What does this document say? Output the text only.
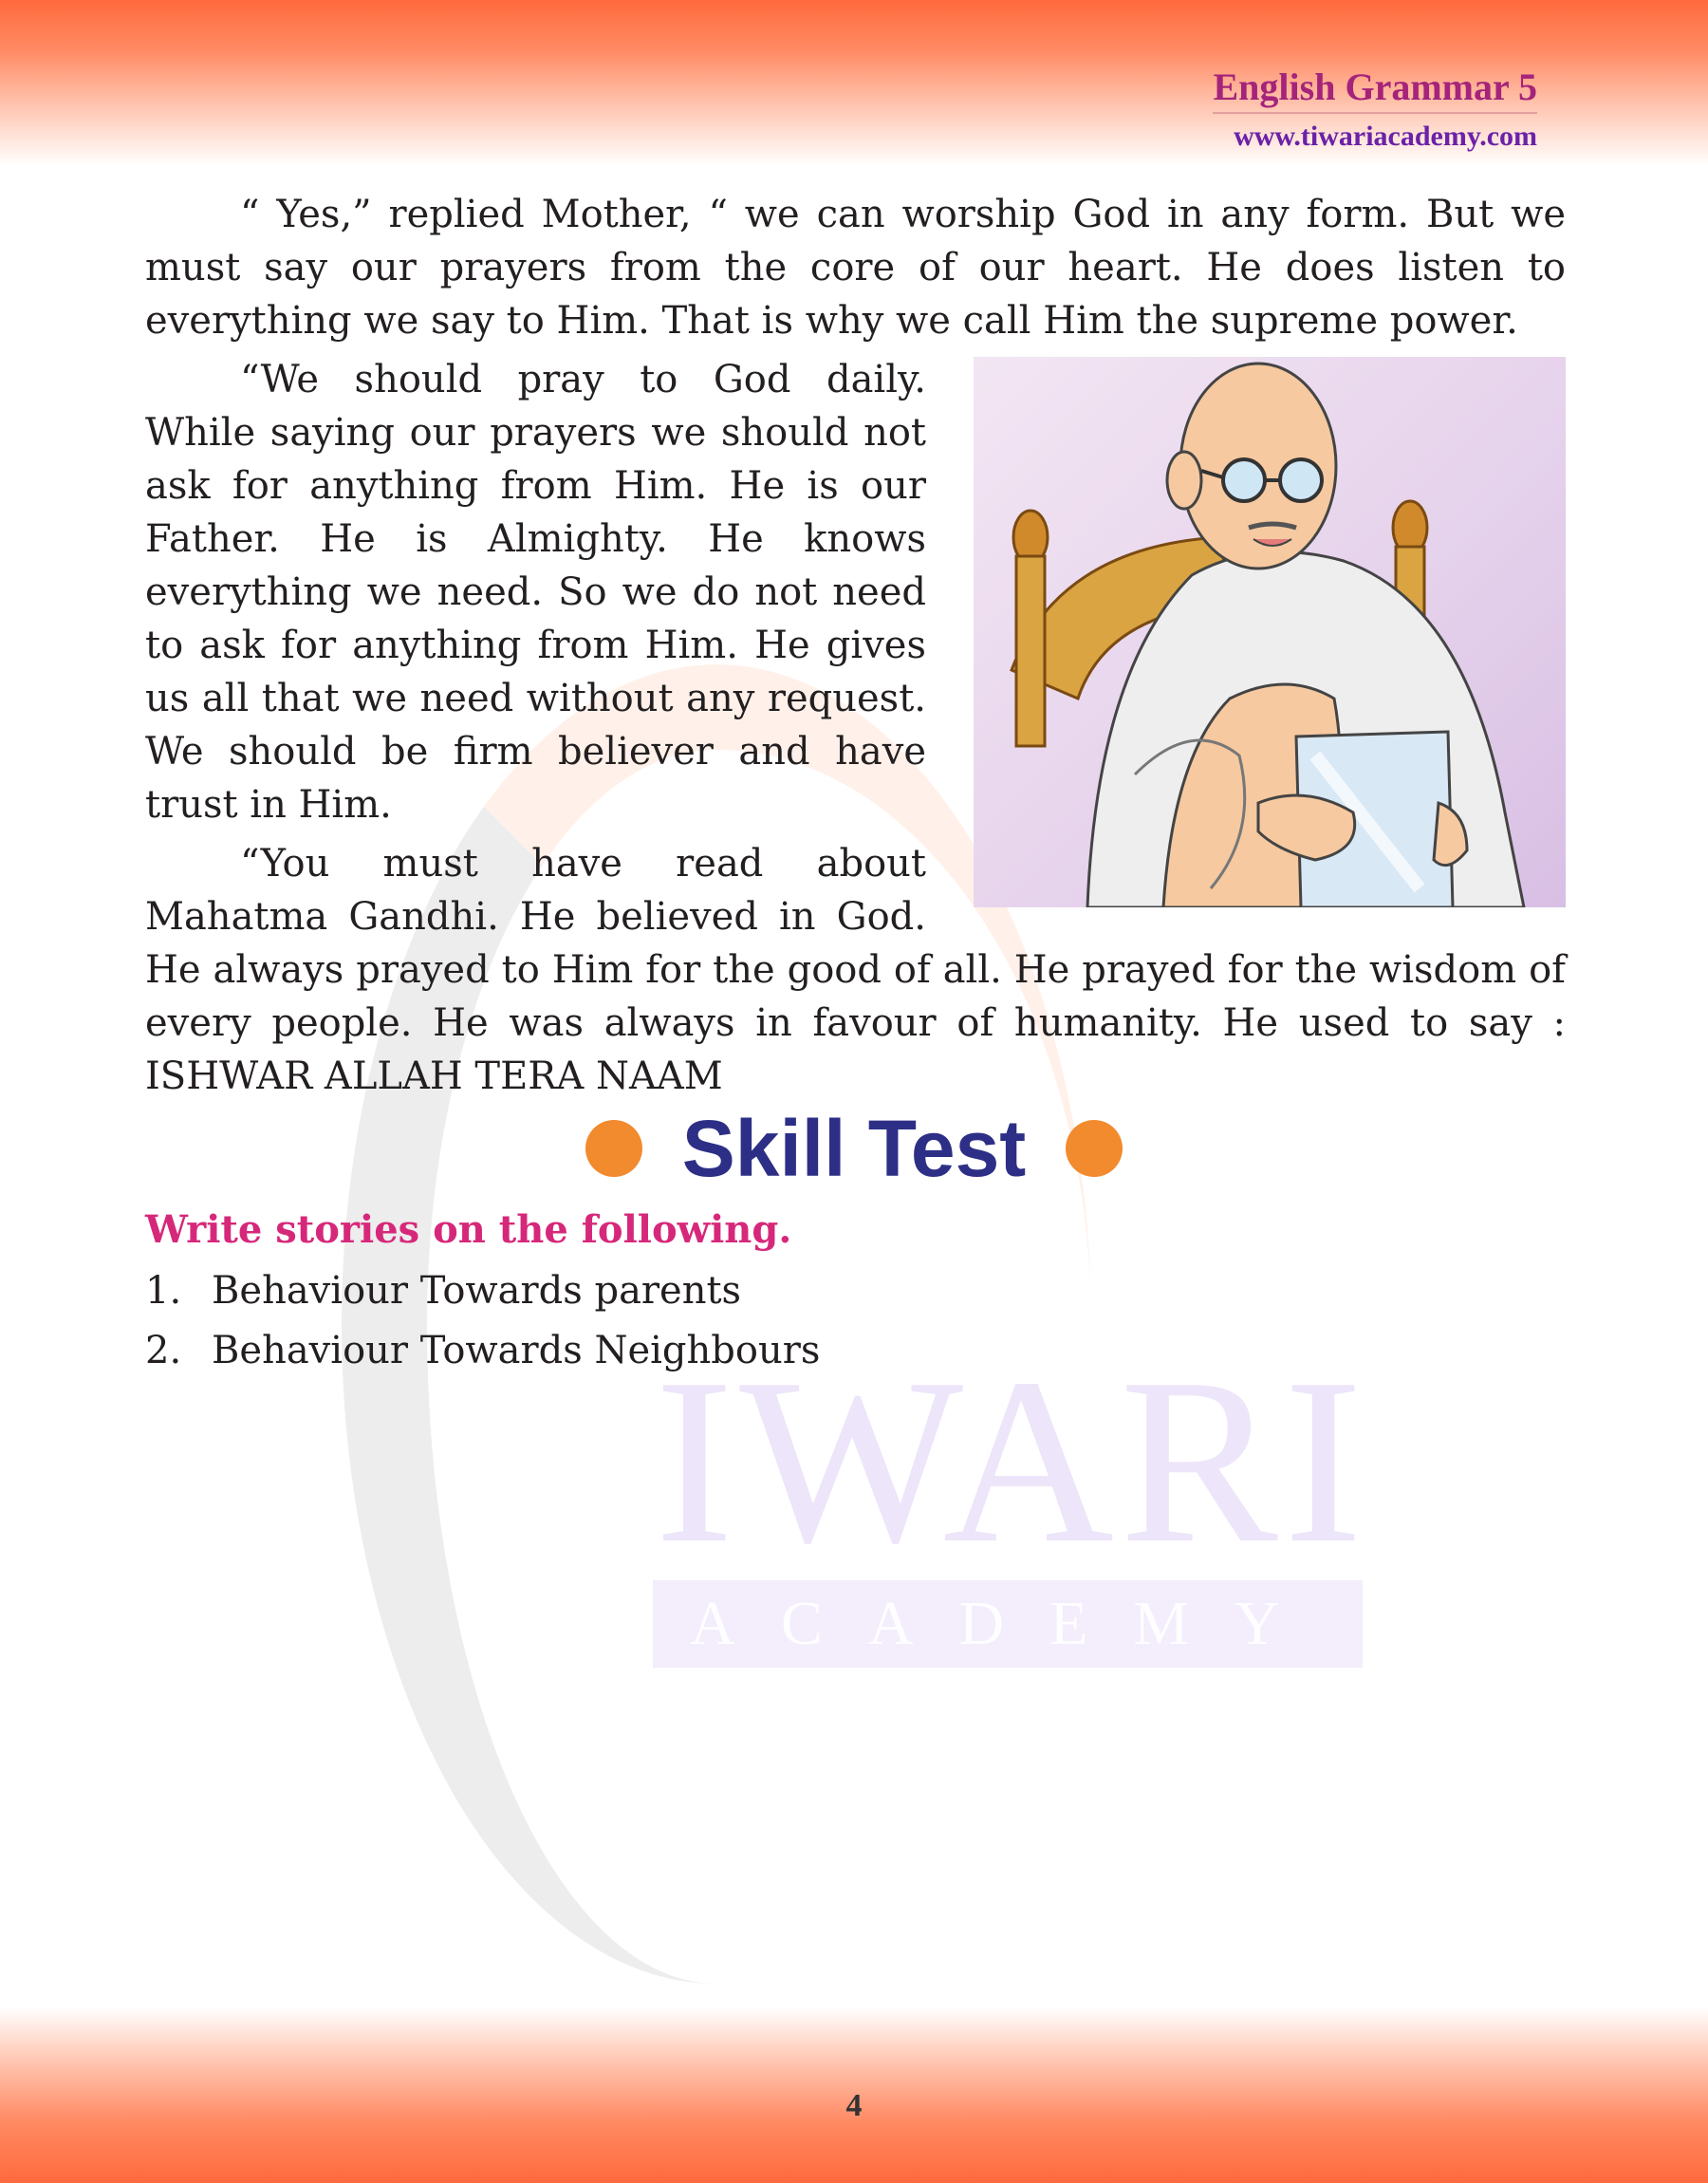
IWARI
ACADEMY
English Grammar 5
www.tiwariacademy.com

“ Yes,” replied Mother, “ we can worship God in any form. But we must say our prayers from the core of our heart. He does listen to everything we say to Him. That is why we call Him the supreme power.

“We should pray to God daily. While saying our prayers we should not ask for anything from Him. He is our Father. He is Almighty. He knows everything we need. So we do not need to ask for anything from Him. He gives us all that we need without any request. We should be firm believer and have trust in Him.

“You must have read about Mahatma Gandhi. He believed in God. He always prayed to Him for the good of all. He prayed for the wisdom of every people. He was always in favour of humanity. He used to say : ISHWAR ALLAH TERA NAAM

Skill Test
Write stories on the following.
1. Behaviour Towards parents
2. Behaviour Towards Neighbours
4
